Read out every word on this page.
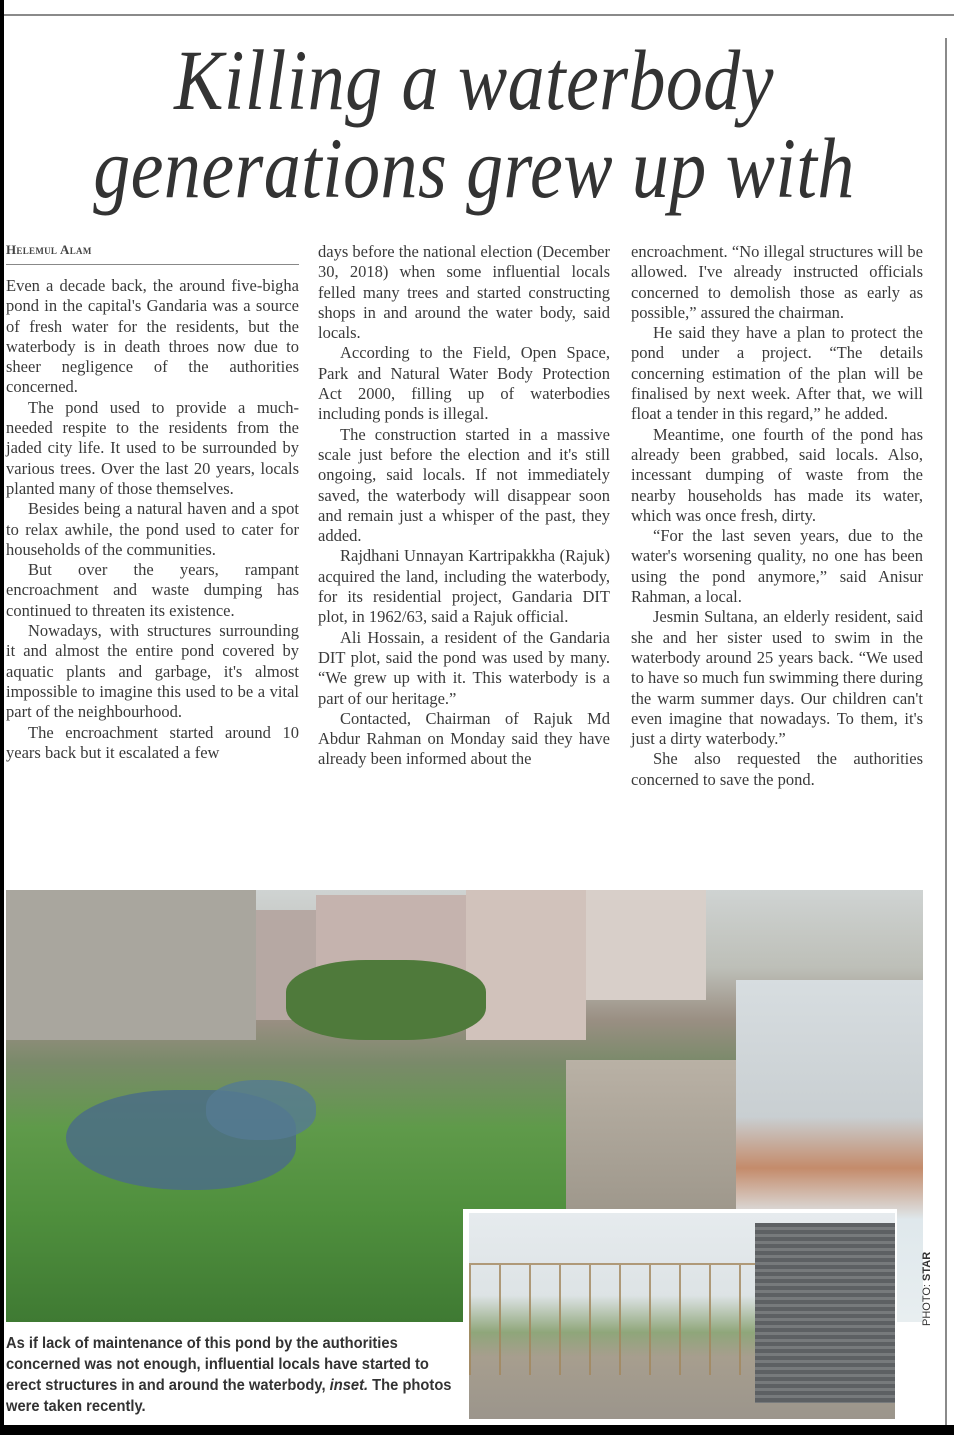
Killing a waterbody
generations grew up with
Helemul Alam

Even a decade back, the around five-bigha pond in the capital's Gandaria was a source of fresh water for the residents, but the waterbody is in death throes now due to sheer negligence of the authorities concerned.

The pond used to provide a much-needed respite to the residents from the jaded city life. It used to be surrounded by various trees. Over the last 20 years, locals planted many of those themselves.

Besides being a natural haven and a spot to relax awhile, the pond used to cater for households of the communities.

But over the years, rampant encroachment and waste dumping has continued to threaten its existence.

Nowadays, with structures surrounding it and almost the entire pond covered by aquatic plants and garbage, it's almost impossible to imagine this used to be a vital part of the neighbourhood.

The encroachment started around 10 years back but it escalated a few

days before the national election (December 30, 2018) when some influential locals felled many trees and started constructing shops in and around the water body, said locals.

According to the Field, Open Space, Park and Natural Water Body Protection Act 2000, filling up of waterbodies including ponds is illegal.

The construction started in a massive scale just before the election and it's still ongoing, said locals. If not immediately saved, the waterbody will disappear soon and remain just a whisper of the past, they added.

Rajdhani Unnayan Kartripakkha (Rajuk) acquired the land, including the waterbody, for its residential project, Gandaria DIT plot, in 1962/63, said a Rajuk official.

Ali Hossain, a resident of the Gandaria DIT plot, said the pond was used by many. “We grew up with it. This waterbody is a part of our heritage.”

Contacted, Chairman of Rajuk Md Abdur Rahman on Monday said they have already been informed about the

encroachment. “No illegal structures will be allowed. I've already instructed officials concerned to demolish those as early as possible,” assured the chairman.

He said they have a plan to protect the pond under a project. “The details concerning estimation of the plan will be finalised by next week. After that, we will float a tender in this regard,” he added.

Meantime, one fourth of the pond has already been grabbed, said locals. Also, incessant dumping of waste from the nearby households has made its water, which was once fresh, dirty.

“For the last seven years, due to the water's worsening quality, no one has been using the pond anymore,” said Anisur Rahman, a local.

Jesmin Sultana, an elderly resident, said she and her sister used to swim in the waterbody around 25 years back. “We used to have so much fun swimming there during the warm summer days. Our children can't even imagine that nowadays. To them, it's just a dirty waterbody.”

She also requested the authorities concerned to save the pond.

As if lack of maintenance of this pond by the authorities concerned was not enough, influential locals have started to erect structures in and around the waterbody, inset. The photos were taken recently.
PHOTO: STAR
